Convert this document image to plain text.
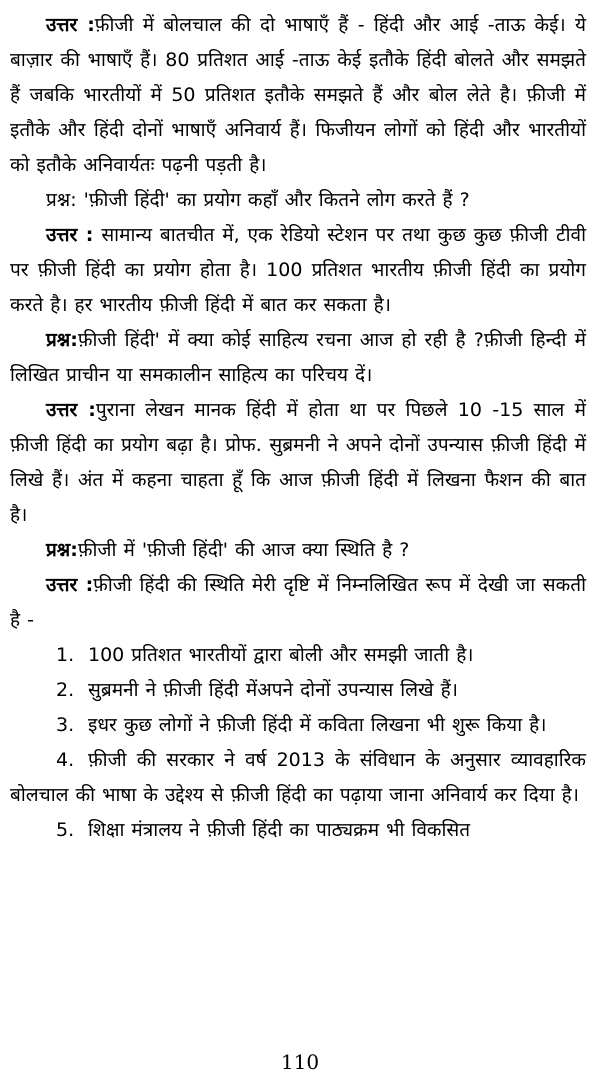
उत्तर :फ़ीजी में बोलचाल की दो भाषाएँ हैं - हिंदी और आई -ताऊ केई। ये बाज़ार की भाषाएँ हैं। 80 प्रतिशत आई -ताऊ केई इतौके हिंदी बोलते और समझते हैं जबकि भारतीयों में 50 प्रतिशत इतौके समझते हैं और बोल लेते है। फ़ीजी में इतौके और हिंदी दोनों भाषाएँ अनिवार्य हैं। फिजीयन लोगों को हिंदी और भारतीयों को इतौके अनिवार्यतः पढ़नी पड़ती है।

प्रश्न: 'फ़ीजी हिंदी' का प्रयोग कहाँ और कितने लोग करते हैं ?

उत्तर : सामान्य बातचीत में, एक रेडियो स्टेशन पर तथा कुछ कुछ फ़ीजी टीवी पर फ़ीजी हिंदी का प्रयोग होता है। 100 प्रतिशत भारतीय फ़ीजी हिंदी का प्रयोग करते है। हर भारतीय फ़ीजी हिंदी में बात कर सकता है।

प्रश्न:फ़ीजी हिंदी' में क्या कोई साहित्य रचना आज हो रही है ?फ़ीजी हिन्दी में लिखित प्राचीन या समकालीन साहित्य का परिचय दें।

उत्तर :पुराना लेखन मानक हिंदी में होता था पर पिछले 10 -15 साल में फ़ीजी हिंदी का प्रयोग बढ़ा है। प्रोफ. सुब्रमनी ने अपने दोनों उपन्यास फ़ीजी हिंदी में लिखे हैं। अंत में कहना चाहता हूँ कि आज फ़ीजी हिंदी में लिखना फैशन की बात है।

प्रश्न:फ़ीजी में 'फ़ीजी हिंदी' की आज क्या स्थिति है ?

उत्तर :फ़ीजी हिंदी की स्थिति मेरी दृष्टि में निम्नलिखित रूप में देखी जा सकती है -

1. 100 प्रतिशत भारतीयों द्वारा बोली और समझी जाती है।

2. सुब्रमनी ने फ़ीजी हिंदी मेंअपने दोनों उपन्यास लिखे हैं।

3. इधर कुछ लोगों ने फ़ीजी हिंदी में कविता लिखना भी शुरू किया है।

4. फ़ीजी की सरकार ने वर्ष 2013 के संविधान के अनुसार व्यावहारिक बोलचाल की भाषा के उद्देश्य से फ़ीजी हिंदी का पढ़ाया जाना अनिवार्य कर दिया है।

5. शिक्षा मंत्रालय ने फ़ीजी हिंदी का पाठ्यक्रम भी विकसित

110
